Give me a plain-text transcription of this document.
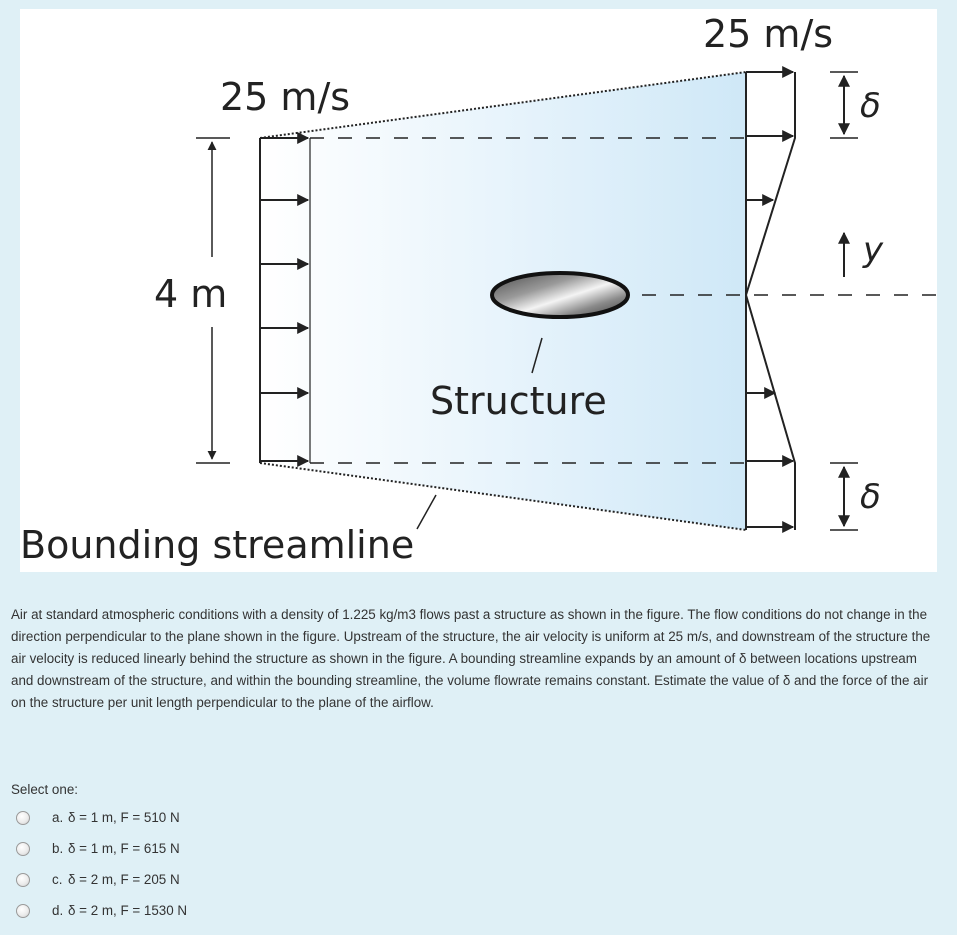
25 m/s
25 m/s
4 m
Structure
Bounding streamline
δ
δ
y
Air at standard atmospheric conditions with a density of 1.225 kg/m3 flows past a structure as shown in the figure. The flow conditions do not change in the direction perpendicular to the plane shown in the figure. Upstream of the structure, the air velocity is uniform at 25 m/s, and downstream of the structure the air velocity is reduced linearly behind the structure as shown in the figure. A bounding streamline expands by an amount of δ between locations upstream and downstream of the structure, and within the bounding streamline, the volume flowrate remains constant. Estimate the value of δ and the force of the air on the structure per unit length perpendicular to the plane of the airflow.
Select one:
a. δ = 1 m, F = 510 N
b. δ = 1 m, F = 615 N
c. δ = 2 m, F = 205 N
d. δ = 2 m, F = 1530 N
